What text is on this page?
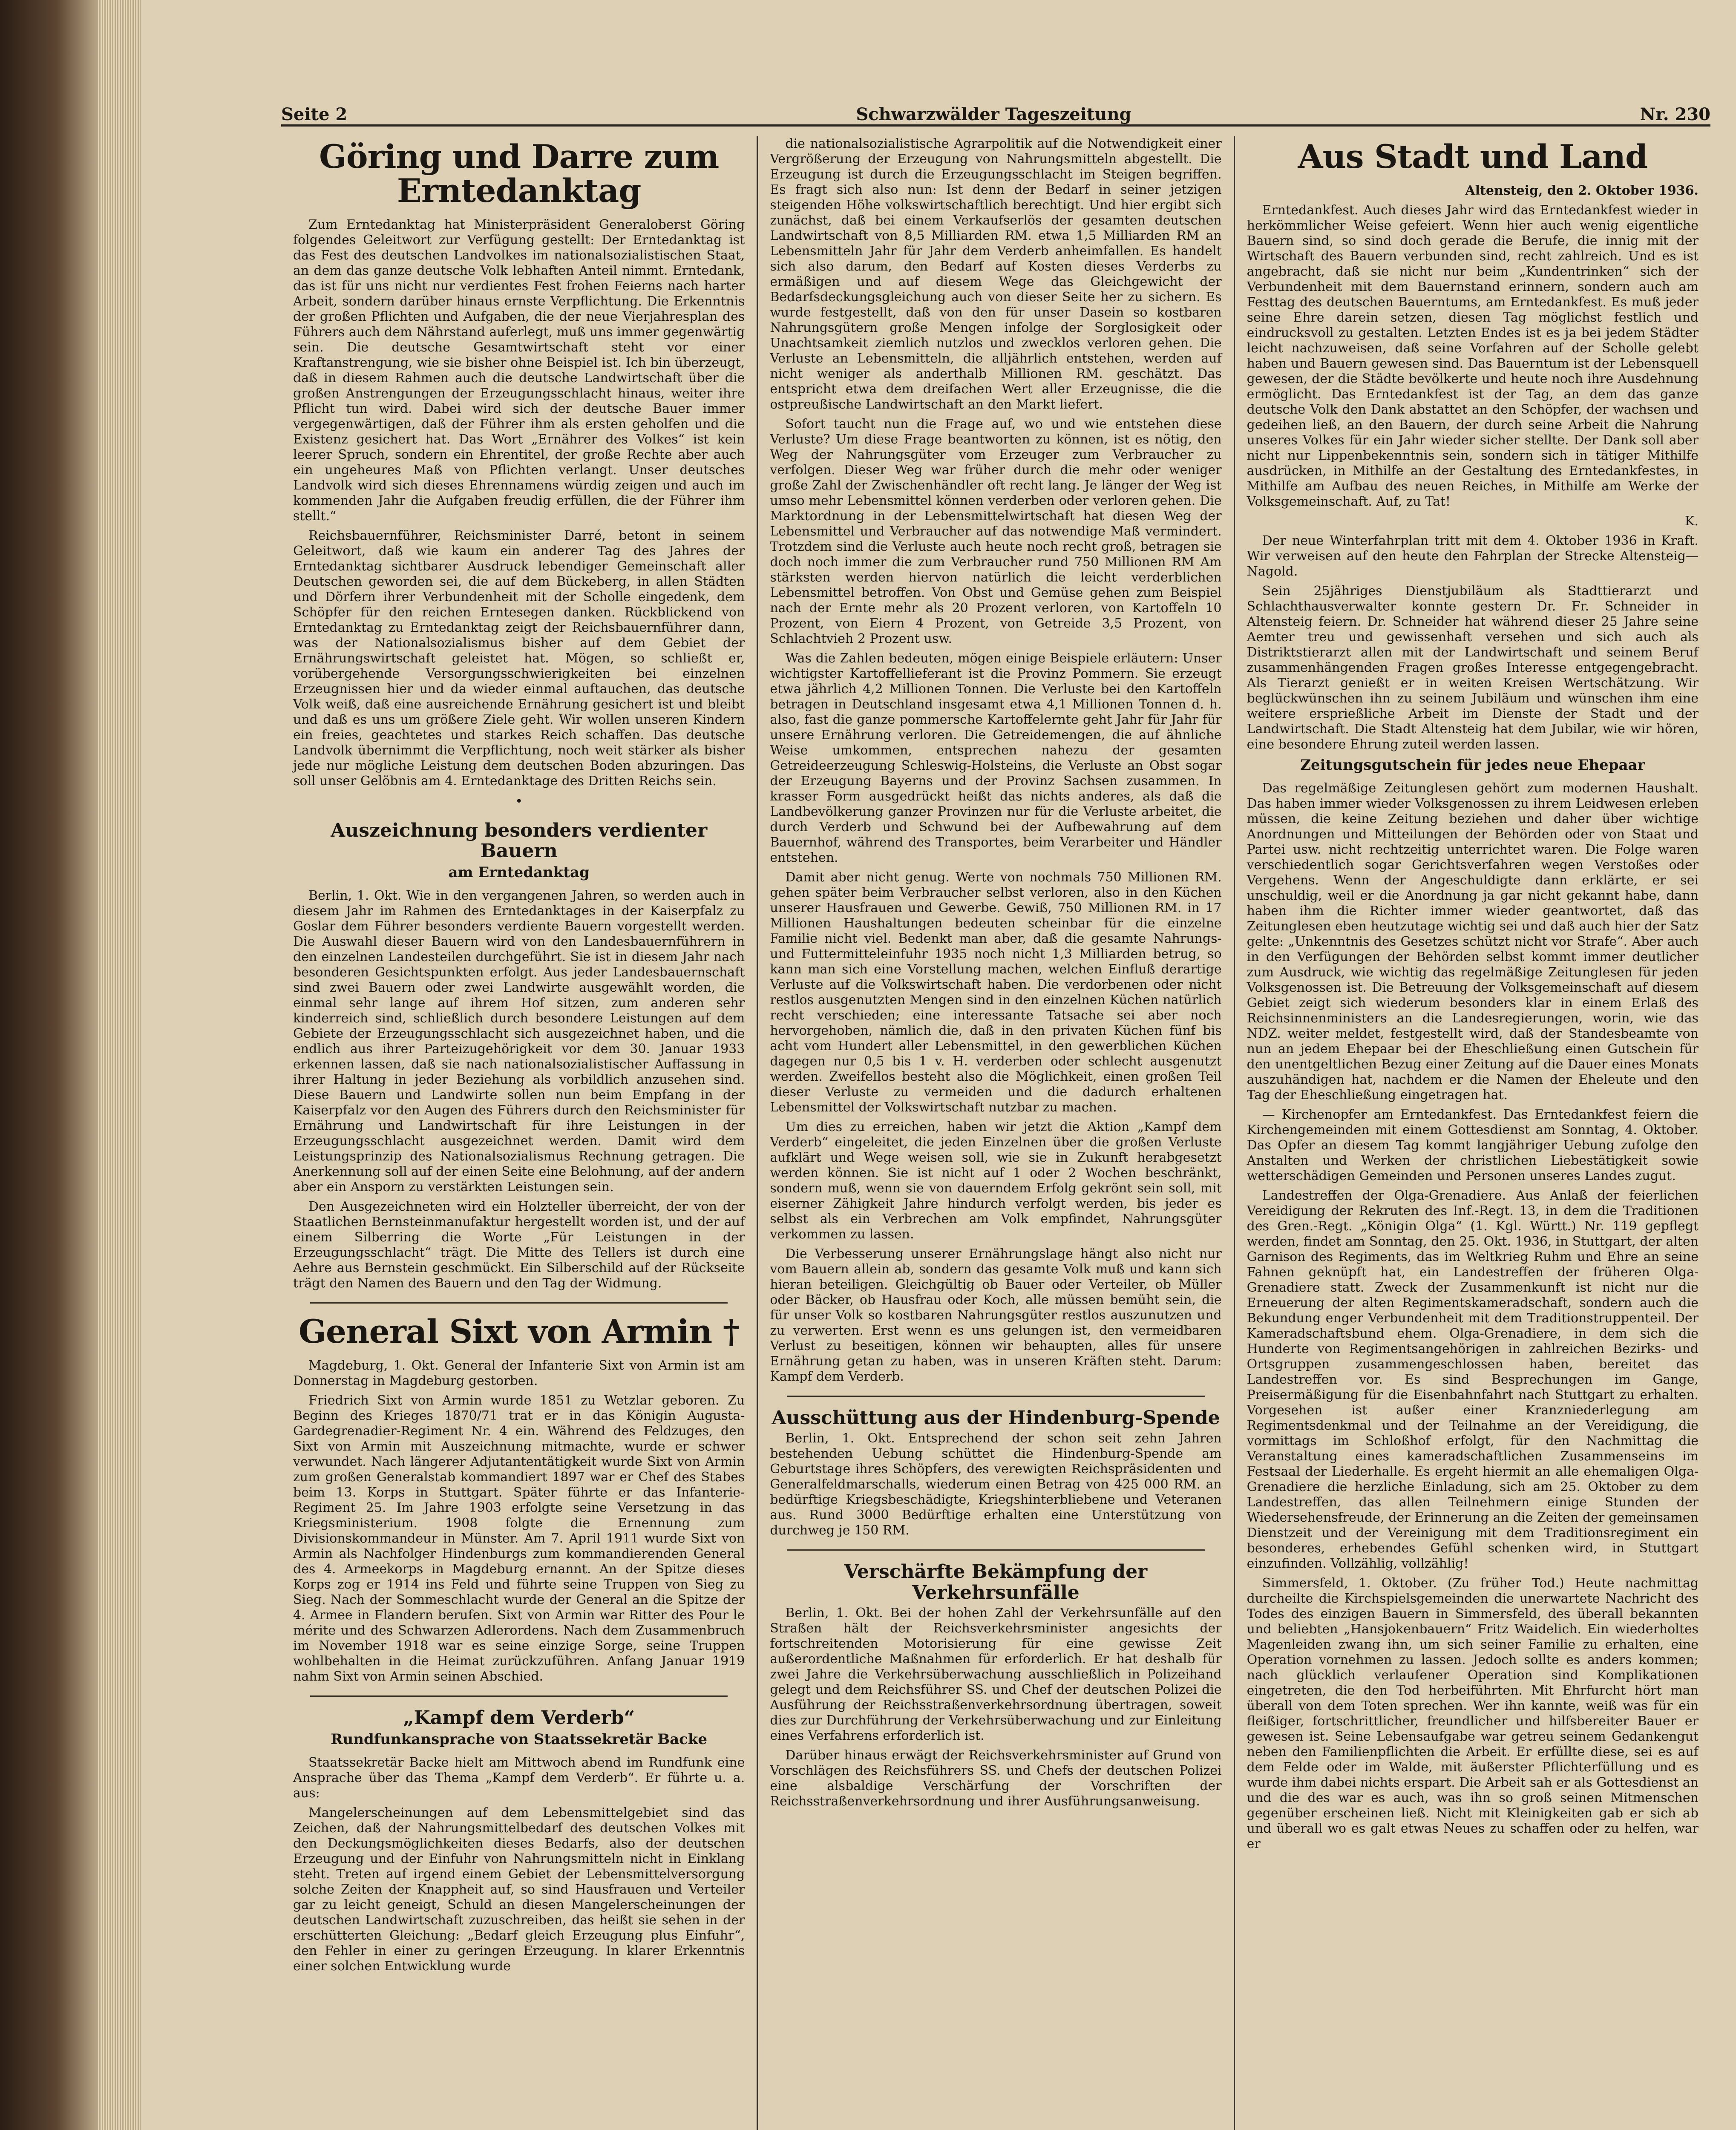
Seite 2	Schwarzwälder Tageszeitung	Nr. 230
Göring und Darre zum Erntedanktag

Zum Erntedanktag hat Ministerpräsident Generaloberst Göring folgendes Geleitwort zur Verfügung gestellt: Der Erntedanktag ist das Fest des deutschen Landvolkes im nationalsozialistischen Staat, an dem das ganze deutsche Volk lebhaften Anteil nimmt. Erntedank, das ist für uns nicht nur verdientes Fest frohen Feierns nach harter Arbeit, sondern darüber hinaus ernste Verpflichtung. Die Erkenntnis der großen Pflichten und Aufgaben, die der neue Vierjahresplan des Führers auch dem Nährstand auferlegt, muß uns immer gegenwärtig sein. Die deutsche Gesamtwirtschaft steht vor einer Kraftanstrengung, wie sie bisher ohne Beispiel ist. Ich bin überzeugt, daß in diesem Rahmen auch die deutsche Landwirtschaft über die großen Anstrengungen der Erzeugungsschlacht hinaus, weiter ihre Pflicht tun wird. Dabei wird sich der deutsche Bauer immer vergegenwärtigen, daß der Führer ihm als ersten geholfen und die Existenz gesichert hat. Das Wort „Ernährer des Volkes“ ist kein leerer Spruch, sondern ein Ehrentitel, der große Rechte aber auch ein ungeheures Maß von Pflichten verlangt. Unser deutsches Landvolk wird sich dieses Ehrennamens würdig zeigen und auch im kommenden Jahr die Aufgaben freudig erfüllen, die der Führer ihm stellt.“

Reichsbauernführer, Reichsminister Darré, betont in seinem Geleitwort, daß wie kaum ein anderer Tag des Jahres der Erntedanktag sichtbarer Ausdruck lebendiger Gemeinschaft aller Deutschen geworden sei, die auf dem Bückeberg, in allen Städten und Dörfern ihrer Verbundenheit mit der Scholle eingedenk, dem Schöpfer für den reichen Erntesegen danken. Rückblickend von Erntedanktag zu Erntedanktag zeigt der Reichsbauernführer dann, was der Nationalsozialismus bisher auf dem Gebiet der Ernährungswirtschaft geleistet hat. Mögen, so schließt er, vorübergehende Versorgungsschwierigkeiten bei einzelnen Erzeugnissen hier und da wieder einmal auftauchen, das deutsche Volk weiß, daß eine ausreichende Ernährung gesichert ist und bleibt und daß es uns um größere Ziele geht. Wir wollen unseren Kindern ein freies, geachtetes und starkes Reich schaffen. Das deutsche Landvolk übernimmt die Verpflichtung, noch weit stärker als bisher jede nur mögliche Leistung dem deutschen Boden abzuringen. Das soll unser Gelöbnis am 4. Erntedanktage des Dritten Reichs sein.

•
Auszeichnung besonders verdienter Bauern
am Erntedanktag

Berlin, 1. Okt. Wie in den vergangenen Jahren, so werden auch in diesem Jahr im Rahmen des Erntedanktages in der Kaiserpfalz zu Goslar dem Führer besonders verdiente Bauern vorgestellt werden. Die Auswahl dieser Bauern wird von den Landesbauernführern in den einzelnen Landesteilen durchgeführt. Sie ist in diesem Jahr nach besonderen Gesichtspunkten erfolgt. Aus jeder Landesbauernschaft sind zwei Bauern oder zwei Landwirte ausgewählt worden, die einmal sehr lange auf ihrem Hof sitzen, zum anderen sehr kinderreich sind, schließlich durch besondere Leistungen auf dem Gebiete der Erzeugungsschlacht sich ausgezeichnet haben, und die endlich aus ihrer Parteizugehörigkeit vor dem 30. Januar 1933 erkennen lassen, daß sie nach nationalsozialistischer Auffassung in ihrer Haltung in jeder Beziehung als vorbildlich anzusehen sind. Diese Bauern und Landwirte sollen nun beim Empfang in der Kaiserpfalz vor den Augen des Führers durch den Reichsminister für Ernährung und Landwirtschaft für ihre Leistungen in der Erzeugungsschlacht ausgezeichnet werden. Damit wird dem Leistungsprinzip des Nationalsozialismus Rechnung getragen. Die Anerkennung soll auf der einen Seite eine Belohnung, auf der andern aber ein Ansporn zu verstärkten Leistungen sein.

Den Ausgezeichneten wird ein Holzteller überreicht, der von der Staatlichen Bernsteinmanufaktur hergestellt worden ist, und der auf einem Silberring die Worte „Für Leistungen in der Erzeugungsschlacht“ trägt. Die Mitte des Tellers ist durch eine Aehre aus Bernstein geschmückt. Ein Silberschild auf der Rückseite trägt den Namen des Bauern und den Tag der Widmung.

General Sixt von Armin †

Magdeburg, 1. Okt. General der Infanterie Sixt von Armin ist am Donnerstag in Magdeburg gestorben.

Friedrich Sixt von Armin wurde 1851 zu Wetzlar geboren. Zu Beginn des Krieges 1870/71 trat er in das Königin Augusta-Gardegrenadier-Regiment Nr. 4 ein. Während des Feldzuges, den Sixt von Armin mit Auszeichnung mitmachte, wurde er schwer verwundet. Nach längerer Adjutantentätigkeit wurde Sixt von Armin zum großen Generalstab kommandiert 1897 war er Chef des Stabes beim 13. Korps in Stuttgart. Später führte er das Infanterie-Regiment 25. Im Jahre 1903 erfolgte seine Versetzung in das Kriegsministerium. 1908 folgte die Ernennung zum Divisionskommandeur in Münster. Am 7. April 1911 wurde Sixt von Armin als Nachfolger Hindenburgs zum kommandierenden General des 4. Armeekorps in Magdeburg ernannt. An der Spitze dieses Korps zog er 1914 ins Feld und führte seine Truppen von Sieg zu Sieg. Nach der Sommeschlacht wurde der General an die Spitze der 4. Armee in Flandern berufen. Sixt von Armin war Ritter des Pour le mérite und des Schwarzen Adlerordens. Nach dem Zusammenbruch im November 1918 war es seine einzige Sorge, seine Truppen wohlbehalten in die Heimat zurückzuführen. Anfang Januar 1919 nahm Sixt von Armin seinen Abschied.

„Kampf dem Verderb“
Rundfunkansprache von Staatssekretär Backe

Staatssekretär Backe hielt am Mittwoch abend im Rundfunk eine Ansprache über das Thema „Kampf dem Verderb“. Er führte u. a. aus:

Mangelerscheinungen auf dem Lebensmittelgebiet sind das Zeichen, daß der Nahrungsmittelbedarf des deutschen Volkes mit den Deckungsmöglichkeiten dieses Bedarfs, also der deutschen Erzeugung und der Einfuhr von Nahrungsmitteln nicht in Einklang steht. Treten auf irgend einem Gebiet der Lebensmittelversorgung solche Zeiten der Knappheit auf, so sind Hausfrauen und Verteiler gar zu leicht geneigt, Schuld an diesen Mangelerscheinungen der deutschen Landwirtschaft zuzuschreiben, das heißt sie sehen in der erschütterten Gleichung: „Bedarf gleich Erzeugung plus Einfuhr“, den Fehler in einer zu geringen Erzeugung. In klarer Erkenntnis einer solchen Entwicklung wurde

die nationalsozialistische Agrarpolitik auf die Notwendigkeit einer Vergrößerung der Erzeugung von Nahrungsmitteln abgestellt. Die Erzeugung ist durch die Erzeugungsschlacht im Steigen begriffen. Es fragt sich also nun: Ist denn der Bedarf in seiner jetzigen steigenden Höhe volkswirtschaftlich berechtigt. Und hier ergibt sich zunächst, daß bei einem Verkaufserlös der gesamten deutschen Landwirtschaft von 8,5 Milliarden RM. etwa 1,5 Milliarden RM an Lebensmitteln Jahr für Jahr dem Verderb anheimfallen. Es handelt sich also darum, den Bedarf auf Kosten dieses Verderbs zu ermäßigen und auf diesem Wege das Gleichgewicht der Bedarfsdeckungsgleichung auch von dieser Seite her zu sichern. Es wurde festgestellt, daß von den für unser Dasein so kostbaren Nahrungsgütern große Mengen infolge der Sorglosigkeit oder Unachtsamkeit ziemlich nutzlos und zwecklos verloren gehen. Die Verluste an Lebensmitteln, die alljährlich entstehen, werden auf nicht weniger als anderthalb Millionen RM. geschätzt. Das entspricht etwa dem dreifachen Wert aller Erzeugnisse, die die ostpreußische Landwirtschaft an den Markt liefert.

Sofort taucht nun die Frage auf, wo und wie entstehen diese Verluste? Um diese Frage beantworten zu können, ist es nötig, den Weg der Nahrungsgüter vom Erzeuger zum Verbraucher zu verfolgen. Dieser Weg war früher durch die mehr oder weniger große Zahl der Zwischenhändler oft recht lang. Je länger der Weg ist umso mehr Lebensmittel können verderben oder verloren gehen. Die Marktordnung in der Lebensmittelwirtschaft hat diesen Weg der Lebensmittel und Verbraucher auf das notwendige Maß vermindert. Trotzdem sind die Verluste auch heute noch recht groß, betragen sie doch noch immer die zum Verbraucher rund 750 Millionen RM Am stärksten werden hiervon natürlich die leicht verderblichen Lebensmittel betroffen. Von Obst und Gemüse gehen zum Beispiel nach der Ernte mehr als 20 Prozent verloren, von Kartoffeln 10 Prozent, von Eiern 4 Prozent, von Getreide 3,5 Prozent, von Schlachtvieh 2 Prozent usw.

Was die Zahlen bedeuten, mögen einige Beispiele erläutern: Unser wichtigster Kartoffellieferant ist die Provinz Pommern. Sie erzeugt etwa jährlich 4,2 Millionen Tonnen. Die Verluste bei den Kartoffeln betragen in Deutschland insgesamt etwa 4,1 Millionen Tonnen d. h. also, fast die ganze pommersche Kartoffelernte geht Jahr für Jahr für unsere Ernährung verloren. Die Getreidemengen, die auf ähnliche Weise umkommen, entsprechen nahezu der gesamten Getreideerzeugung Schleswig-Holsteins, die Verluste an Obst sogar der Erzeugung Bayerns und der Provinz Sachsen zusammen. In krasser Form ausgedrückt heißt das nichts anderes, als daß die Landbevölkerung ganzer Provinzen nur für die Verluste arbeitet, die durch Verderb und Schwund bei der Aufbewahrung auf dem Bauernhof, während des Transportes, beim Verarbeiter und Händler entstehen.

Damit aber nicht genug. Werte von nochmals 750 Millionen RM. gehen später beim Verbraucher selbst verloren, also in den Küchen unserer Hausfrauen und Gewerbe. Gewiß, 750 Millionen RM. in 17 Millionen Haushaltungen bedeuten scheinbar für die einzelne Familie nicht viel. Bedenkt man aber, daß die gesamte Nahrungs- und Futtermitteleinfuhr 1935 noch nicht 1,3 Milliarden betrug, so kann man sich eine Vorstellung machen, welchen Einfluß derartige Verluste auf die Volkswirtschaft haben. Die verdorbenen oder nicht restlos ausgenutzten Mengen sind in den einzelnen Küchen natürlich recht verschieden; eine interessante Tatsache sei aber noch hervorgehoben, nämlich die, daß in den privaten Küchen fünf bis acht vom Hundert aller Lebensmittel, in den gewerblichen Küchen dagegen nur 0,5 bis 1 v. H. verderben oder schlecht ausgenutzt werden. Zweifellos besteht also die Möglichkeit, einen großen Teil dieser Verluste zu vermeiden und die dadurch erhaltenen Lebensmittel der Volkswirtschaft nutzbar zu machen.

Um dies zu erreichen, haben wir jetzt die Aktion „Kampf dem Verderb“ eingeleitet, die jeden Einzelnen über die großen Verluste aufklärt und Wege weisen soll, wie sie in Zukunft herabgesetzt werden können. Sie ist nicht auf 1 oder 2 Wochen beschränkt, sondern muß, wenn sie von dauerndem Erfolg gekrönt sein soll, mit eiserner Zähigkeit Jahre hindurch verfolgt werden, bis jeder es selbst als ein Verbrechen am Volk empfindet, Nahrungsgüter verkommen zu lassen.

Die Verbesserung unserer Ernährungslage hängt also nicht nur vom Bauern allein ab, sondern das gesamte Volk muß und kann sich hieran beteiligen. Gleichgültig ob Bauer oder Verteiler, ob Müller oder Bäcker, ob Hausfrau oder Koch, alle müssen bemüht sein, die für unser Volk so kostbaren Nahrungsgüter restlos auszunutzen und zu verwerten. Erst wenn es uns gelungen ist, den vermeidbaren Verlust zu beseitigen, können wir behaupten, alles für unsere Ernährung getan zu haben, was in unseren Kräften steht. Darum: Kampf dem Verderb.

Ausschüttung aus der Hindenburg-Spende

Berlin, 1. Okt. Entsprechend der schon seit zehn Jahren bestehenden Uebung schüttet die Hindenburg-Spende am Geburtstage ihres Schöpfers, des verewigten Reichspräsidenten und Generalfeldmarschalls, wiederum einen Betrag von 425 000 RM. an bedürftige Kriegsbeschädigte, Kriegshinterbliebene und Veteranen aus. Rund 3000 Bedürftige erhalten eine Unterstützung von durchweg je 150 RM.

Verschärfte Bekämpfung der Verkehrsunfälle

Berlin, 1. Okt. Bei der hohen Zahl der Verkehrsunfälle auf den Straßen hält der Reichsverkehrsminister angesichts der fortschreitenden Motorisierung für eine gewisse Zeit außerordentliche Maßnahmen für erforderlich. Er hat deshalb für zwei Jahre die Verkehrsüberwachung ausschließlich in Polizeihand gelegt und dem Reichsführer SS. und Chef der deutschen Polizei die Ausführung der Reichsstraßenverkehrsordnung übertragen, soweit dies zur Durchführung der Verkehrsüberwachung und zur Einleitung eines Verfahrens erforderlich ist.

Darüber hinaus erwägt der Reichsverkehrsminister auf Grund von Vorschlägen des Reichsführers SS. und Chefs der deutschen Polizei eine alsbaldige Verschärfung der Vorschriften der Reichsstraßenverkehrsordnung und ihrer Ausführungsanweisung.

Aus Stadt und Land

Altensteig, den 2. Oktober 1936.

Erntedankfest. Auch dieses Jahr wird das Erntedankfest wieder in herkömmlicher Weise gefeiert. Wenn hier auch wenig eigentliche Bauern sind, so sind doch gerade die Berufe, die innig mit der Wirtschaft des Bauern verbunden sind, recht zahlreich. Und es ist angebracht, daß sie nicht nur beim „Kundentrinken“ sich der Verbundenheit mit dem Bauernstand erinnern, sondern auch am Festtag des deutschen Bauerntums, am Erntedankfest. Es muß jeder seine Ehre darein setzen, diesen Tag möglichst festlich und eindrucksvoll zu gestalten. Letzten Endes ist es ja bei jedem Städter leicht nachzuweisen, daß seine Vorfahren auf der Scholle gelebt haben und Bauern gewesen sind. Das Bauerntum ist der Lebensquell gewesen, der die Städte bevölkerte und heute noch ihre Ausdehnung ermöglicht. Das Erntedankfest ist der Tag, an dem das ganze deutsche Volk den Dank abstattet an den Schöpfer, der wachsen und gedeihen ließ, an den Bauern, der durch seine Arbeit die Nahrung unseres Volkes für ein Jahr wieder sicher stellte. Der Dank soll aber nicht nur Lippenbekenntnis sein, sondern sich in tätiger Mithilfe ausdrücken, in Mithilfe an der Gestaltung des Erntedankfestes, in Mithilfe am Aufbau des neuen Reiches, in Mithilfe am Werke der Volksgemeinschaft. Auf, zu Tat!

K.

Der neue Winterfahrplan tritt mit dem 4. Oktober 1936 in Kraft. Wir verweisen auf den heute den Fahrplan der Strecke Altensteig—Nagold.

Sein 25jähriges Dienstjubiläum als Stadttierarzt und Schlachthausverwalter konnte gestern Dr. Fr. Schneider in Altensteig feiern. Dr. Schneider hat während dieser 25 Jahre seine Aemter treu und gewissenhaft versehen und sich auch als Distriktstierarzt allen mit der Landwirtschaft und seinem Beruf zusammenhängenden Fragen großes Interesse entgegengebracht. Als Tierarzt genießt er in weiten Kreisen Wertschätzung. Wir beglückwünschen ihn zu seinem Jubiläum und wünschen ihm eine weitere ersprießliche Arbeit im Dienste der Stadt und der Landwirtschaft. Die Stadt Altensteig hat dem Jubilar, wie wir hören, eine besondere Ehrung zuteil werden lassen.

Zeitungsgutschein für jedes neue Ehepaar

Das regelmäßige Zeitunglesen gehört zum modernen Haushalt. Das haben immer wieder Volksgenossen zu ihrem Leidwesen erleben müssen, die keine Zeitung beziehen und daher über wichtige Anordnungen und Mitteilungen der Behörden oder von Staat und Partei usw. nicht rechtzeitig unterrichtet waren. Die Folge waren verschiedentlich sogar Gerichtsverfahren wegen Verstoßes oder Vergehens. Wenn der Angeschuldigte dann erklärte, er sei unschuldig, weil er die Anordnung ja gar nicht gekannt habe, dann haben ihm die Richter immer wieder geantwortet, daß das Zeitunglesen eben heutzutage wichtig sei und daß auch hier der Satz gelte: „Unkenntnis des Gesetzes schützt nicht vor Strafe“. Aber auch in den Verfügungen der Behörden selbst kommt immer deutlicher zum Ausdruck, wie wichtig das regelmäßige Zeitunglesen für jeden Volksgenossen ist. Die Betreuung der Volksgemeinschaft auf diesem Gebiet zeigt sich wiederum besonders klar in einem Erlaß des Reichsinnenministers an die Landesregierungen, worin, wie das NDZ. weiter meldet, festgestellt wird, daß der Standesbeamte von nun an jedem Ehepaar bei der Eheschließung einen Gutschein für den unentgeltlichen Bezug einer Zeitung auf die Dauer eines Monats auszuhändigen hat, nachdem er die Namen der Eheleute und den Tag der Eheschließung eingetragen hat.

— Kirchenopfer am Erntedankfest. Das Erntedankfest feiern die Kirchengemeinden mit einem Gottesdienst am Sonntag, 4. Oktober. Das Opfer an diesem Tag kommt langjähriger Uebung zufolge den Anstalten und Werken der christlichen Liebestätigkeit sowie wetterschädigen Gemeinden und Personen unseres Landes zugut.

Landestreffen der Olga-Grenadiere. Aus Anlaß der feierlichen Vereidigung der Rekruten des Inf.-Regt. 13, in dem die Traditionen des Gren.-Regt. „Königin Olga“ (1. Kgl. Württ.) Nr. 119 gepflegt werden, findet am Sonntag, den 25. Okt. 1936, in Stuttgart, der alten Garnison des Regiments, das im Weltkrieg Ruhm und Ehre an seine Fahnen geknüpft hat, ein Landestreffen der früheren Olga-Grenadiere statt. Zweck der Zusammenkunft ist nicht nur die Erneuerung der alten Regimentskameradschaft, sondern auch die Bekundung enger Verbundenheit mit dem Traditionstruppenteil. Der Kameradschaftsbund ehem. Olga-Grenadiere, in dem sich die Hunderte von Regimentsangehörigen in zahlreichen Bezirks- und Ortsgruppen zusammengeschlossen haben, bereitet das Landestreffen vor. Es sind Besprechungen im Gange, Preisermäßigung für die Eisenbahnfahrt nach Stuttgart zu erhalten. Vorgesehen ist außer einer Kranzniederlegung am Regimentsdenkmal und der Teilnahme an der Vereidigung, die vormittags im Schloßhof erfolgt, für den Nachmittag die Veranstaltung eines kameradschaftlichen Zusammenseins im Festsaal der Liederhalle. Es ergeht hiermit an alle ehemaligen Olga-Grenadiere die herzliche Einladung, sich am 25. Oktober zu dem Landestreffen, das allen Teilnehmern einige Stunden der Wiedersehensfreude, der Erinnerung an die Zeiten der gemeinsamen Dienstzeit und der Vereinigung mit dem Traditionsregiment ein besonderes, erhebendes Gefühl schenken wird, in Stuttgart einzufinden. Vollzählig, vollzählig!

Simmersfeld, 1. Oktober. (Zu früher Tod.) Heute nachmittag durcheilte die Kirchspielsgemeinden die unerwartete Nachricht des Todes des einzigen Bauern in Simmersfeld, des überall bekannten und beliebten „Hansjokenbauern“ Fritz Waidelich. Ein wiederholtes Magenleiden zwang ihn, um sich seiner Familie zu erhalten, eine Operation vornehmen zu lassen. Jedoch sollte es anders kommen; nach glücklich verlaufener Operation sind Komplikationen eingetreten, die den Tod herbeiführten. Mit Ehrfurcht hört man überall von dem Toten sprechen. Wer ihn kannte, weiß was für ein fleißiger, fortschrittlicher, freundlicher und hilfsbereiter Bauer er gewesen ist. Seine Lebensaufgabe war getreu seinem Gedankengut neben den Familienpflichten die Arbeit. Er erfüllte diese, sei es auf dem Felde oder im Walde, mit äußerster Pflichterfüllung und es wurde ihm dabei nichts erspart. Die Arbeit sah er als Gottesdienst an und die des war es auch, was ihn so groß seinen Mitmenschen gegenüber erscheinen ließ. Nicht mit Kleinigkeiten gab er sich ab und überall wo es galt etwas Neues zu schaffen oder zu helfen, war er
